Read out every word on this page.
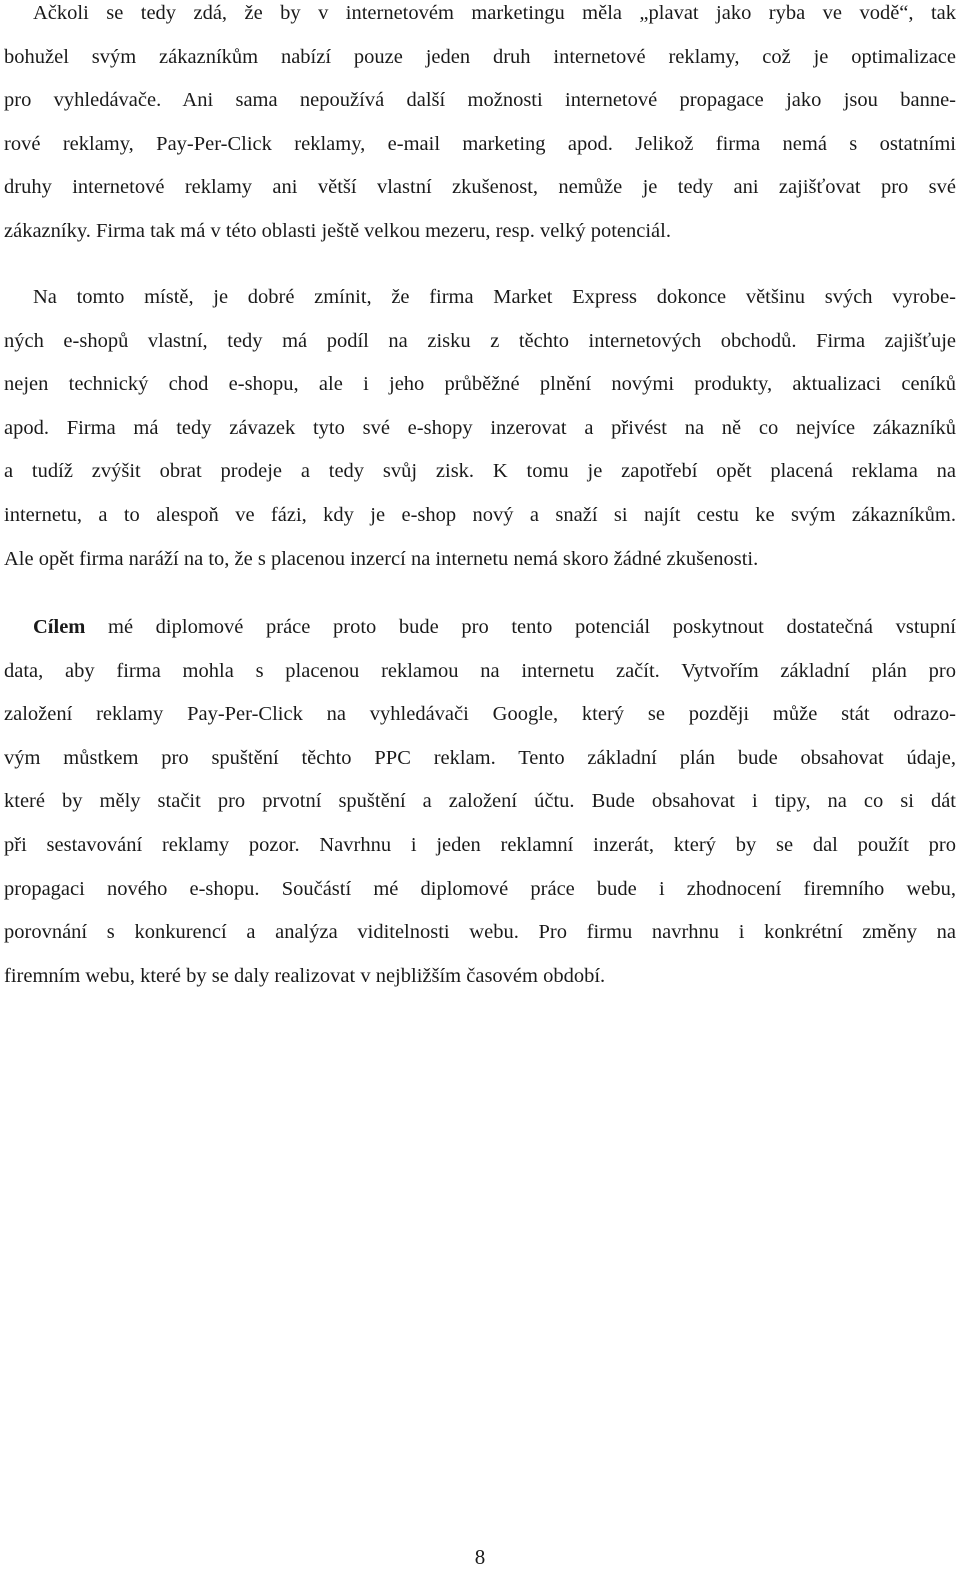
Ačkoli se tedy zdá, že by v internetovém marketingu měla „plavat jako ryba ve vodě“, tak
bohužel svým zákazníkům nabízí pouze jeden druh internetové reklamy, což je optimalizace
pro vyhledávače. Ani sama nepoužívá další možnosti internetové propagace jako jsou banne-
rové reklamy, Pay-Per-Click reklamy, e-mail marketing apod. Jelikož firma nemá s ostatními
druhy internetové reklamy ani větší vlastní zkušenost, nemůže je tedy ani zajišťovat pro své
zákazníky. Firma tak má v této oblasti ještě velkou mezeru, resp. velký potenciál.

Na tomto místě, je dobré zmínit, že firma Market Express dokonce většinu svých vyrobe-
ných e-shopů vlastní, tedy má podíl na zisku z těchto internetových obchodů. Firma zajišťuje
nejen technický chod e-shopu, ale i jeho průběžné plnění novými produkty, aktualizaci ceníků
apod. Firma má tedy závazek tyto své e-shopy inzerovat a přivést na ně co nejvíce zákazníků
a tudíž zvýšit obrat prodeje a tedy svůj zisk. K tomu je zapotřebí opět placená reklama na
internetu, a to alespoň ve fázi, kdy je e-shop nový a snaží si najít cestu ke svým zákazníkům.
Ale opět firma naráží na to, že s placenou inzercí na internetu nemá skoro žádné zkušenosti.

Cílem mé diplomové práce proto bude pro tento potenciál poskytnout dostatečná vstupní
data, aby firma mohla s placenou reklamou na internetu začít. Vytvořím základní plán pro
založení reklamy Pay-Per-Click na vyhledávači Google, který se později může stát odrazo-
vým můstkem pro spuštění těchto PPC reklam. Tento základní plán bude obsahovat údaje,
které by měly stačit pro prvotní spuštění a založení účtu. Bude obsahovat i tipy, na co si dát
při sestavování reklamy pozor. Navrhnu i jeden reklamní inzerát, který by se dal použít pro
propagaci nového e-shopu. Součástí mé diplomové práce bude i zhodnocení firemního webu,
porovnání s konkurencí a analýza viditelnosti webu. Pro firmu navrhnu i konkrétní změny na
firemním webu, které by se daly realizovat v nejbližším časovém období.

8
